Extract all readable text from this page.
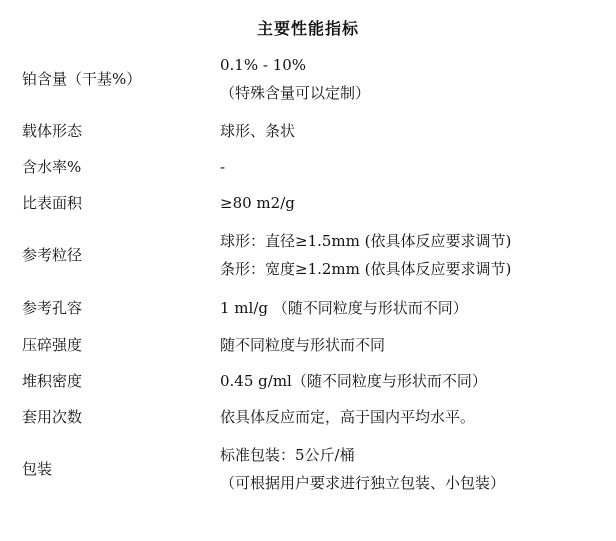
主要性能指标
铂含量（干基%）	0.1% - 10%
（特殊含量可以定制）

载体形态	球形、条状

含水率%	-

比表面积	≥80 m2/g

参考粒径	球形：直径≥1.5mm (依具体反应要求调节)
条形：宽度≥1.2mm (依具体反应要求调节)

参考孔容	1 ml/g （随不同粒度与形状而不同）

压碎强度	随不同粒度与形状而不同

堆积密度	0.45 g/ml（随不同粒度与形状而不同）

套用次数	依具体反应而定，高于国内平均水平。

包装	标准包装：5公斤/桶
（可根据用户要求进行独立包装、小包装）
